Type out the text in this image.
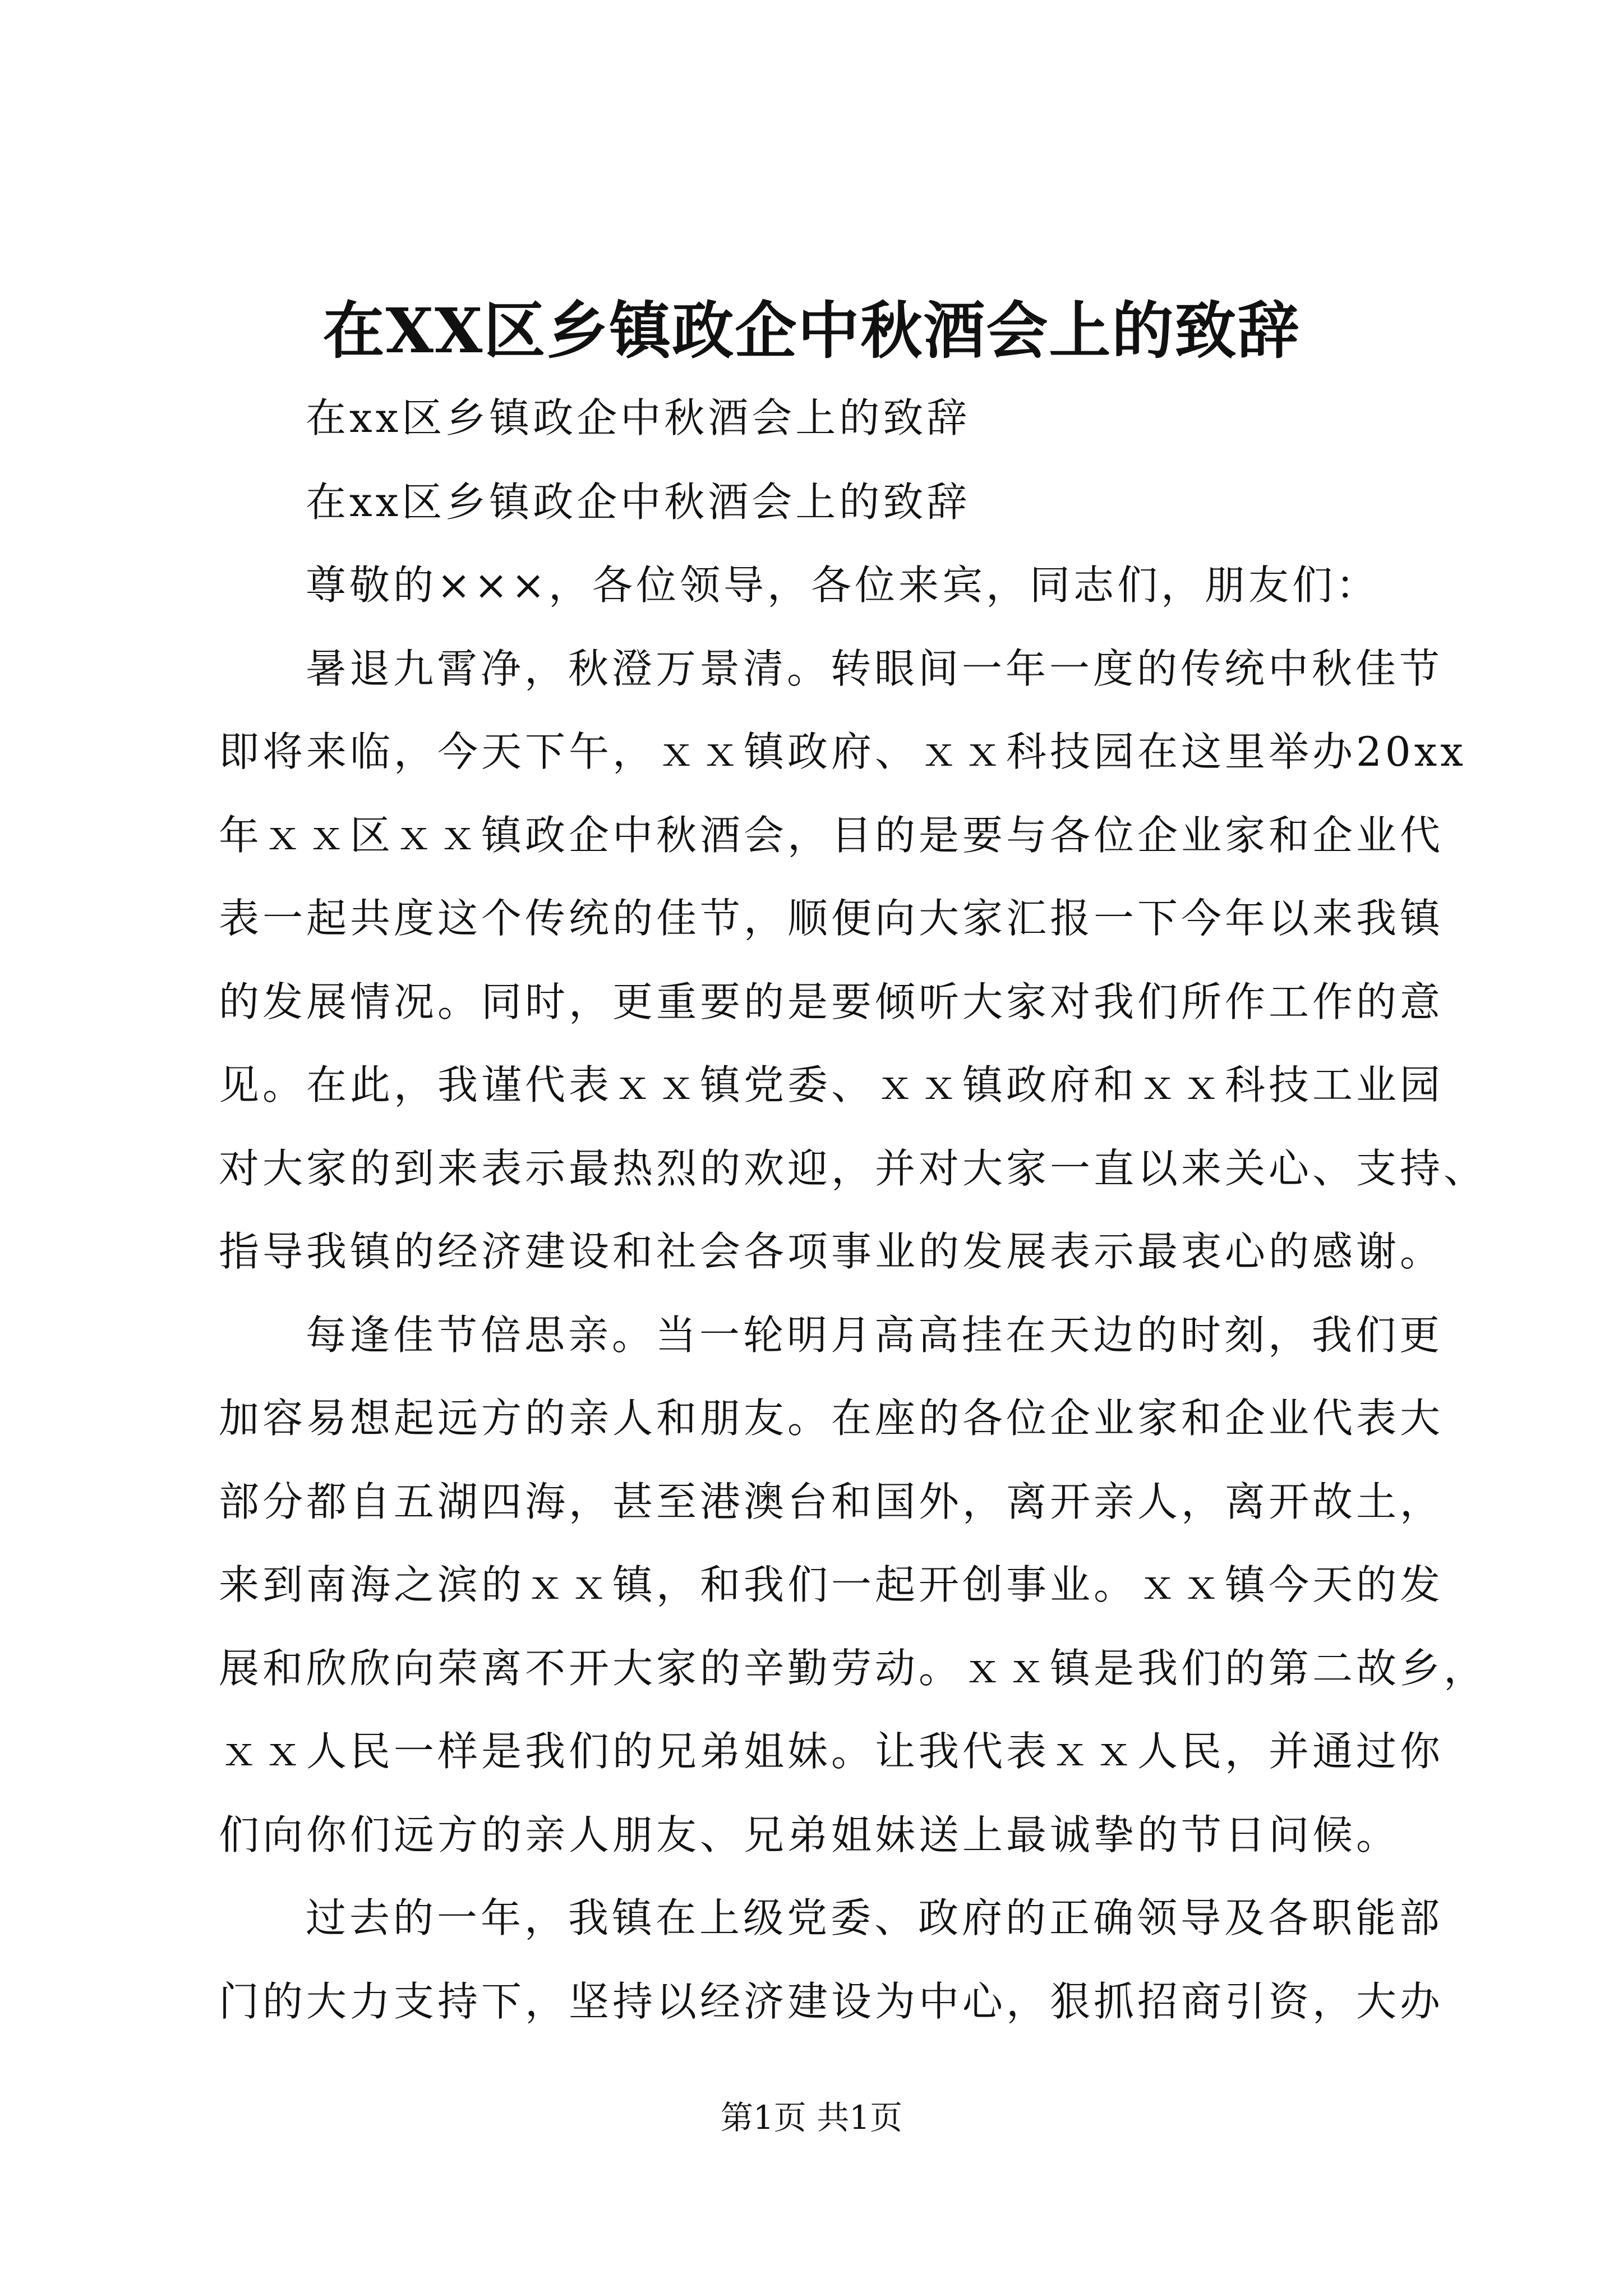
在XX区乡镇政企中秋酒会上的致辞
在xx区乡镇政企中秋酒会上的致辞
在xx区乡镇政企中秋酒会上的致辞
尊敬的×××，各位领导，各位来宾，同志们，朋友们：
暑退九霄净，秋澄万景清。转眼间一年一度的传统中秋佳节
即将来临，今天下午，ｘｘ镇政府、ｘｘ科技园在这里举办20xx
年ｘｘ区ｘｘ镇政企中秋酒会，目的是要与各位企业家和企业代
表一起共度这个传统的佳节，顺便向大家汇报一下今年以来我镇
的发展情况。同时，更重要的是要倾听大家对我们所作工作的意
见。在此，我谨代表ｘｘ镇党委、ｘｘ镇政府和ｘｘ科技工业园
对大家的到来表示最热烈的欢迎，并对大家一直以来关心、支持、
指导我镇的经济建设和社会各项事业的发展表示最衷心的感谢。
每逢佳节倍思亲。当一轮明月高高挂在天边的时刻，我们更
加容易想起远方的亲人和朋友。在座的各位企业家和企业代表大
部分都自五湖四海，甚至港澳台和国外，离开亲人，离开故土，
来到南海之滨的ｘｘ镇，和我们一起开创事业。ｘｘ镇今天的发
展和欣欣向荣离不开大家的辛勤劳动。ｘｘ镇是我们的第二故乡，
ｘｘ人民一样是我们的兄弟姐妹。让我代表ｘｘ人民，并通过你
们向你们远方的亲人朋友、兄弟姐妹送上最诚挚的节日问候。
过去的一年，我镇在上级党委、政府的正确领导及各职能部
门的大力支持下，坚持以经济建设为中心，狠抓招商引资，大办
第1页 共1页
